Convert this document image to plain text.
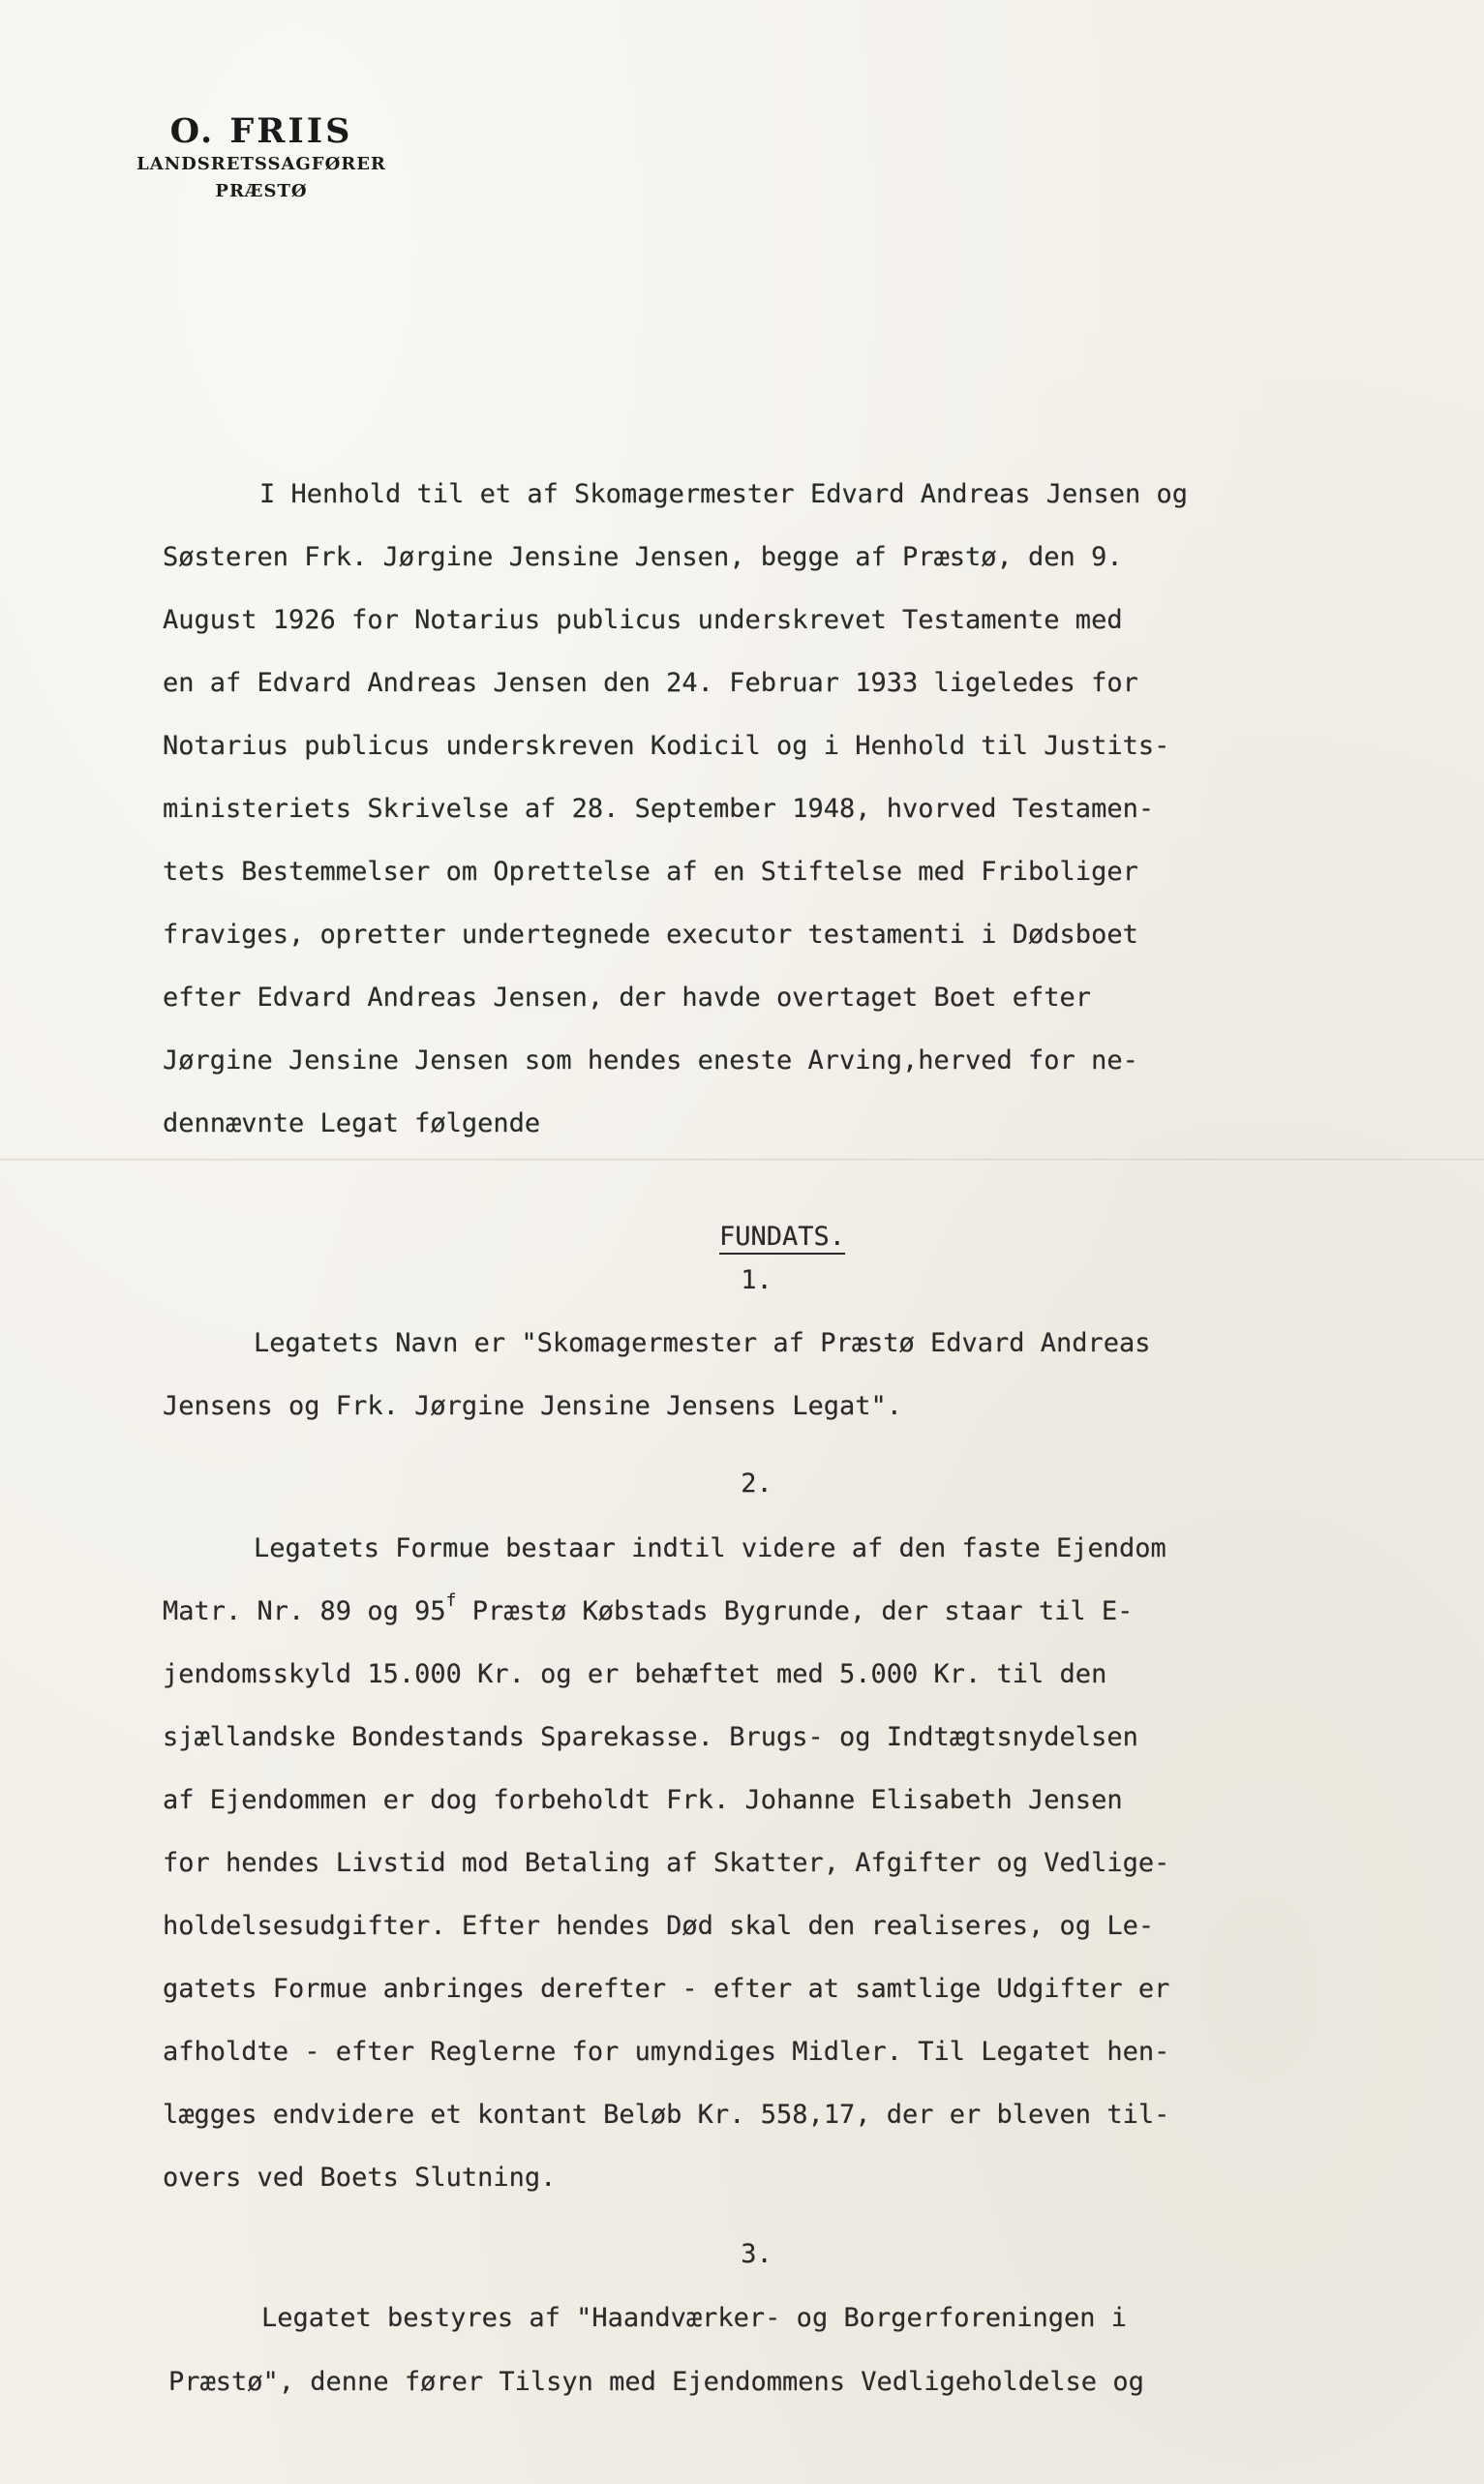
O. FRIIS
LANDSRETSSAGFØRER
PRÆSTØ
I Henhold til et af Skomagermester Edvard Andreas Jensen og
Søsteren Frk. Jørgine Jensine Jensen, begge af Præstø, den 9.
August 1926 for Notarius publicus underskrevet Testamente med
en af Edvard Andreas Jensen den 24. Februar 1933 ligeledes for
Notarius publicus underskreven Kodicil og i Henhold til Justits-
ministeriets Skrivelse af 28. September 1948, hvorved Testamen-
tets Bestemmelser om Oprettelse af en Stiftelse med Friboliger
fraviges, opretter undertegnede executor testamenti i Dødsboet
efter Edvard Andreas Jensen, der havde overtaget Boet efter
Jørgine Jensine Jensen som hendes eneste Arving,herved for ne-
dennævnte Legat følgende

FUNDATS.

1.
Legatets Navn er "Skomagermester af Præstø Edvard Andreas
Jensens og Frk. Jørgine Jensine Jensens Legat".
2.
Legatets Formue bestaar indtil videre af den faste Ejendom
Matr. Nr. 89 og 95$^f$ Præstø Købstads Bygrunde, der staar til E-
jendomsskyld 15.000 Kr. og er behæftet med 5.000 Kr. til den
sjællandske Bondestands Sparekasse. Brugs- og Indtægtsnydelsen
af Ejendommen er dog forbeholdt Frk. Johanne Elisabeth Jensen
for hendes Livstid mod Betaling af Skatter, Afgifter og Vedlige-
holdelsesudgifter. Efter hendes Død skal den realiseres, og Le-
gatets Formue anbringes derefter - efter at samtlige Udgifter er
afholdte - efter Reglerne for umyndiges Midler. Til Legatet hen-
lægges endvidere et kontant Beløb Kr. 558,17, der er bleven til-
overs ved Boets Slutning.
3.
Legatet bestyres af "Haandværker- og Borgerforeningen i
Præstø", denne fører Tilsyn med Ejendommens Vedligeholdelse og
